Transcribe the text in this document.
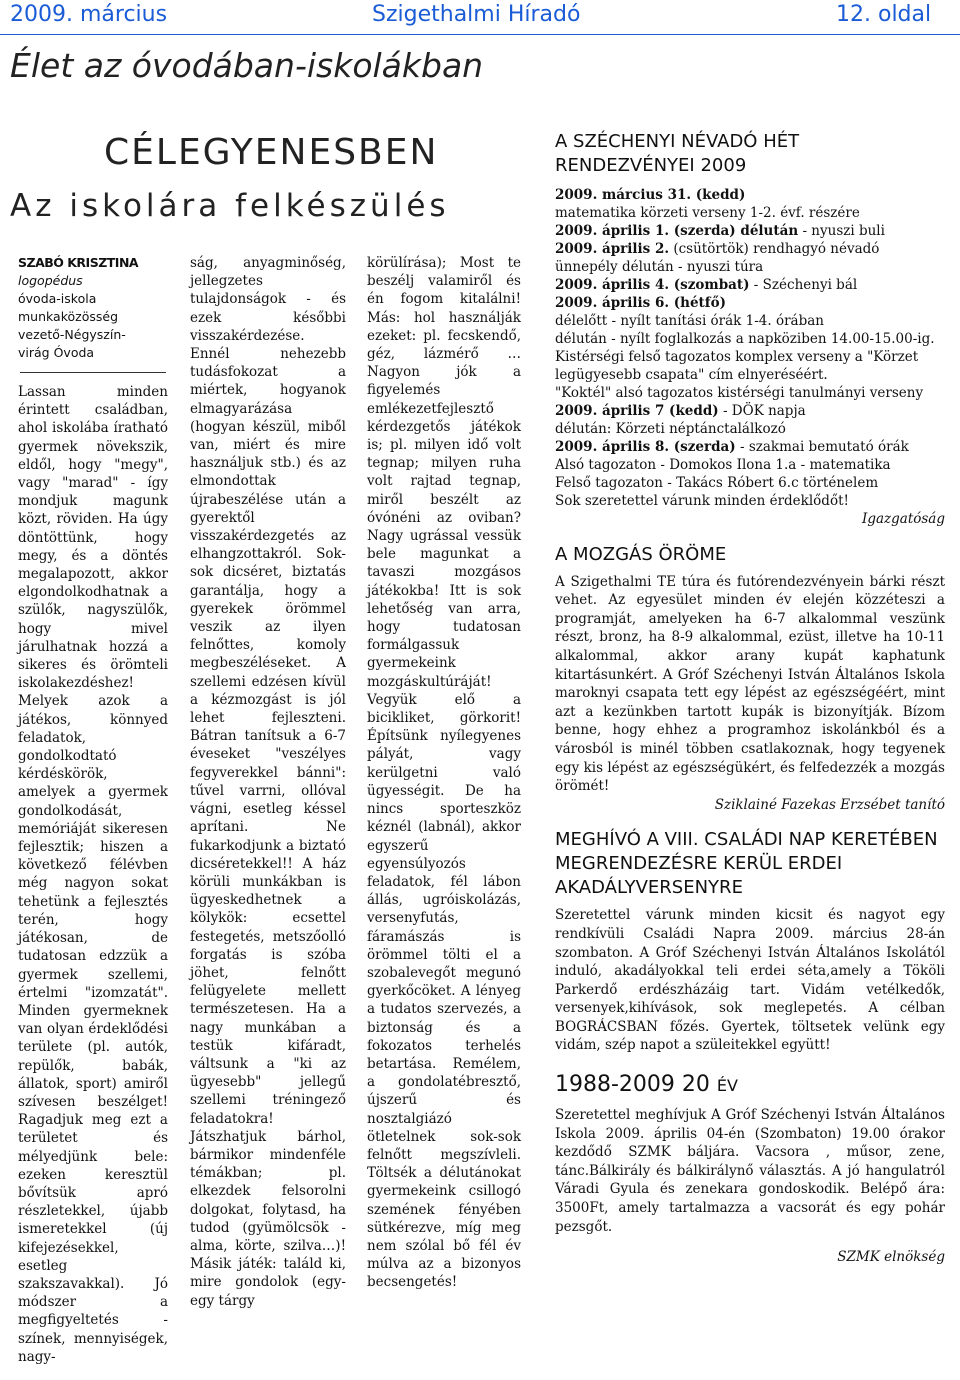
2009. március	Szigethalmi Híradó	12. oldal
Élet az óvodában-iskolákban
CÉLEGYENESBEN
Az iskolára felkészülés
SZABÓ KRISZTINA
logopédus
óvoda-iskola
munkaközösség
vezető-Négyszín-
virág Óvoda

Lassan minden érintett családban, ahol iskolába íratható gyermek növekszik, eldől, hogy "megy", vagy "marad" - így mondjuk magunk közt, röviden. Ha úgy döntöttünk, hogy megy, és a döntés megalapozott, akkor elgondolkodhatnak a szülők, nagyszülők, hogy mivel járulhatnak hozzá a sikeres és örömteli iskolakezdéshez! Melyek azok a játékos, könnyed feladatok, gondolkodtató kérdéskörök, amelyek a gyermek gondolkodását, memóriáját sikeresen fejlesztik; hiszen a következő félévben még nagyon sokat tehetünk a fejlesztés terén, hogy játékosan, de tudatosan edzzük a gyermek szellemi, értelmi "izomzatát". Minden gyermeknek van olyan érdeklődési területe (pl. autók, repülők, babák, állatok, sport) amiről szívesen beszélget! Ragadjuk meg ezt a területet és mélyedjünk bele: ezeken keresztül bővítsük apró részletekkel, újabb ismeretekkel (új kifejezésekkel, esetleg szakszavakkal). Jó módszer a megfigyeltetés - színek, mennyiségek, nagy-

ság, anyagminőség, jellegzetes tulajdonságok - és ezek későbbi visszakérdezése. Ennél nehezebb tudásfokozat a miértek, hogyanok elmagyarázása (hogyan készül, miből van, miért és mire használjuk stb.) és az elmondottak újrabeszélése után a gyerektől visszakérdezgetés az elhangzottakról. Sok-sok dicséret, biztatás garantálja, hogy a gyerekek örömmel veszik az ilyen felnőttes, komoly megbeszéléseket. A szellemi edzésen kívül a kézmozgást is jól lehet fejleszteni. Bátran tanítsuk a 6-7 éveseket "veszélyes fegyverekkel bánni": tűvel varrni, ollóval vágni, esetleg késsel aprítani. Ne fukarkodjunk a biztató dicséretekkel!! A ház körüli munkákban is ügyeskedhetnek a kölykök: ecsettel festegetés, metszőolló forgatás is szóba jöhet, felnőtt felügyelete mellett természetesen. Ha a nagy munkában a testük kifáradt, váltsunk a "ki az ügyesebb" jellegű szellemi tréningező feladatokra! Játszhatjuk bárhol, bármikor mindenféle témákban; pl. elkezdek felsorolni dolgokat, folytasd, ha tudod (gyümölcsök - alma, körte, szilva…)! Másik játék: találd ki, mire gondolok (egy-egy tárgy

körülírása); Most te beszélj valamiről és én fogom kitalálni! Más: hol használják ezeket: pl. fecskendő, géz, lázmérő … Nagyon jók a figyelemés emlékezetfejlesztő kérdezgetős játékok is; pl. milyen idő volt tegnap; milyen ruha volt rajtad tegnap, miről beszélt az óvónéni az oviban? Nagy ugrással vessük bele magunkat a tavaszi mozgásos játékokba! Itt is sok lehetőség van arra, hogy tudatosan formálgassuk gyermekeink mozgáskultúráját! Vegyük elő a bicikliket, görkorit! Építsünk nyílegyenes pályát, vagy kerülgetni való ügyességit. De ha nincs sporteszköz kéznél (labnál), akkor egyszerű egyensúlyozós feladatok, fél lábon állás, ugróiskolázás, versenyfutás, fáramászás is örömmel tölti el a szobalevegőt megunó gyerkőcöket. A lényeg a tudatos szervezés, a biztonság és a fokozatos terhelés betartása. Remélem, a gondolatébresztő, újszerű és nosztalgiázó ötletelnek sok-sok felnőtt megszívleli. Töltsék a délutánokat gyermekeink csillogó szemének fényében sütkérezve, míg meg nem szólal bő fél év múlva az a bizonyos becsengetés!

A SZÉCHENYI NÉVADÓ HÉT
RENDEZVÉNYEI 2009
2009. március 31. (kedd)
matematika körzeti verseny 1-2. évf. részére
2009. április 1. (szerda) délután - nyuszi buli
2009. április 2. (csütörtök) rendhagyó névadó ünnepély délután - nyuszi túra
2009. április 4. (szombat) - Széchenyi bál
2009. április 6. (hétfő)
délelőtt - nyílt tanítási órák 1-4. órában
délután - nyílt foglalkozás a napköziben 14.00-15.00-ig.
Kistérségi felső tagozatos komplex verseny a "Körzet legügyesebb csapata" cím elnyeréséért.
"Koktél" alsó tagozatos kistérségi tanulmányi verseny
2009. április 7 (kedd) - DÖK napja
délután: Körzeti néptánctalálkozó
2009. április 8. (szerda) - szakmai bemutató órák
Alsó tagozaton - Domokos Ilona 1.a - matematika
Felső tagozaton - Takács Róbert 6.c történelem
Sok szeretettel várunk minden érdeklődőt!

Igazgatóság

A MOZGÁS ÖRÖME

A Szigethalmi TE túra és futórendezvényein bárki részt vehet. Az egyesület minden év elején közzéteszi a programját, amelyeken ha 6-7 alkalommal veszünk részt, bronz, ha 8-9 alkalommal, ezüst, illetve ha 10-11 alkalommal, akkor arany kupát kaphatunk kitartásunkért. A Gróf Széchenyi István Általános Iskola maroknyi csapata tett egy lépést az egészségéért, mint azt a kezünkben tartott kupák is bizonyítják. Bízom benne, hogy ehhez a programhoz iskolánkból és a városból is minél többen csatlakoznak, hogy tegyenek egy kis lépést az egészségükért, és felfedezzék a mozgás örömét!

Sziklainé Fazekas Erzsébet tanító

MEGHÍVÓ A VIII. CSALÁDI NAP KERETÉBEN
MEGRENDEZÉSRE KERÜL ERDEI
AKADÁLYVERSENYRE

Szeretettel várunk minden kicsit és nagyot egy rendkívüli Családi Napra 2009. március 28-án szombaton. A Gróf Széchenyi István Általános Iskolától induló, akadályokkal teli erdei séta,amely a Tököli Parkerdő erdészházáig tart. Vidám vetélkedők, versenyek,kihívások, sok meglepetés. A célban BOGRÁCSBAN főzés. Gyertek, töltsetek velünk egy vidám, szép napot a szüleitekkel együtt!

1988-2009 20 ÉV

Szeretettel meghívjuk A Gróf Széchenyi István Általános Iskola 2009. április 04-én (Szombaton) 19.00 órakor kezdődő SZMK báljára. Vacsora , műsor, zene, tánc.Bálkirály és bálkirálynő választás. A jó hangulatról Váradi Gyula és zenekara gondoskodik. Belépő ára: 3500Ft, amely tartalmazza a vacsorát és egy pohár pezsgőt.

SZMK elnökség
